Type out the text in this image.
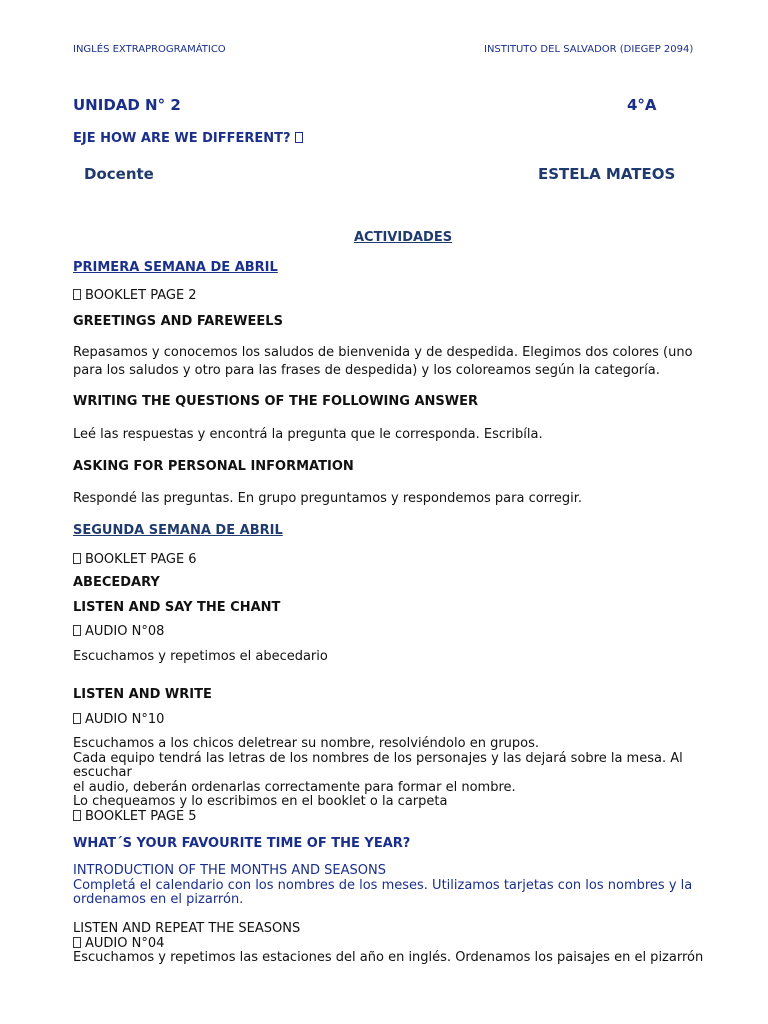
INGLÉS EXTRAPROGRAMÁTICO	INSTITUTO DEL SALVADOR (DIEGEP 2094)
UNIDAD N° 2	4°A
EJE HOW ARE WE DIFFERENT?
Docente	ESTELA MATEOS
ACTIVIDADES
PRIMERA SEMANA DE ABRIL
BOOKLET PAGE 2
GREETINGS AND FAREWEELS
Repasamos y conocemos los saludos de bienvenida y de despedida. Elegimos dos colores (uno para los saludos y otro para las frases de despedida) y los coloreamos según la categoría.
WRITING THE QUESTIONS OF THE FOLLOWING ANSWER
Leé las respuestas y encontrá la pregunta que le corresponda. Escribíla.
ASKING FOR PERSONAL INFORMATION
Respondé las preguntas. En grupo preguntamos y respondemos para corregir.
SEGUNDA SEMANA DE ABRIL
BOOKLET PAGE 6
ABECEDARY
LISTEN AND SAY THE CHANT
AUDIO N°08
Escuchamos y repetimos el abecedario
LISTEN AND WRITE
AUDIO N°10
Escuchamos a los chicos deletrear su nombre, resolviéndolo en grupos.
Cada equipo tendrá las letras de los nombres de los personajes y las dejará sobre la mesa. Al escuchar
el audio, deberán ordenarlas correctamente para formar el nombre.
Lo chequeamos y lo escribimos en el booklet o la carpeta
BOOKLET PAGE 5
WHAT´S YOUR FAVOURITE TIME OF THE YEAR?
INTRODUCTION OF THE MONTHS AND SEASONS
Completá el calendario con los nombres de los meses. Utilizamos tarjetas con los nombres y la
ordenamos en el pizarrón.
LISTEN AND REPEAT THE SEASONS
AUDIO N°04
Escuchamos y repetimos las estaciones del año en inglés. Ordenamos los paisajes en el pizarrón
